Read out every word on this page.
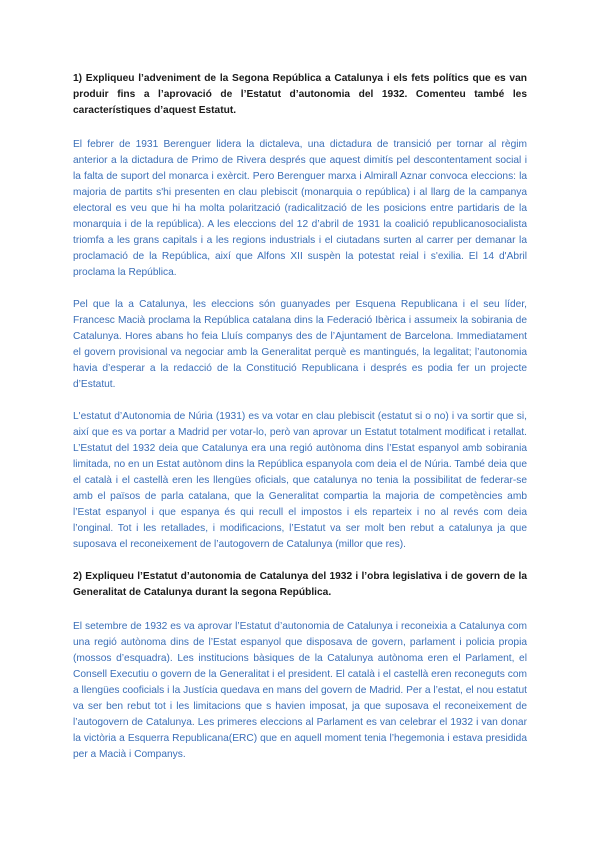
1) Expliqueu l’adveniment de la Segona República a Catalunya i els fets polítics que es van produir fins a l’aprovació de l’Estatut d’autonomia del 1932. Comenteu també les característiques d’aquest Estatut.

El febrer de 1931 Berenguer lidera la dictaleva, una dictadura de transició per tornar al règim anterior a la dictadura de Primo de Rivera després que aquest dimitís pel descontentament social i la falta de suport del monarca i exèrcit. Pero Berenguer marxa i Almirall Aznar convoca eleccions: la majoria de partits s'hi presenten en clau plebiscit (monarquia o república) i al llarg de la campanya electoral es veu que hi ha molta polarització (radicalització de les posicions entre partidaris de la monarquia i de la república). A les eleccions del 12 d’abril de 1931 la coalició republicanosocialista triomfa a les grans capitals i a les regions industrials i el ciutadans surten al carrer per demanar la proclamació de la República, així que Alfons XII suspèn la potestat reial i s'exilia. El 14 d'Abril proclama la República.

Pel que la a Catalunya, les eleccions són guanyades per Esquena Republicana i el seu líder, Francesc Macià proclama la República catalana dins la Federació Ibèrica i assumeix la sobirania de Catalunya. Hores abans ho feia Lluís companys des de l’Ajuntament de Barcelona. Immediatament el govern provisional va negociar amb la Generalitat perquè es mantingués, la legalitat; l’autonomia havia d’esperar a la redacció de la Constitució Republicana i després es podia fer un projecte d’Estatut.

L'estatut d’Autonomia de Núria (1931) es va votar en clau plebiscit (estatut si o no) i va sortir que si, així que es va portar a Madrid per votar-lo, però van aprovar un Estatut totalment modificat i retallat. L’Estatut del 1932 deia que Catalunya era una regió autònoma dins l’Estat espanyol amb sobirania limitada, no en un Estat autònom dins la República espanyola com deia el de Núria. També deia que el català i el castellà eren les llengües oficials, que catalunya no tenia la possibilitat de federar-se amb el països de parla catalana, que la Generalitat compartia la majoria de competències amb l’Estat espanyol i que espanya és qui recull el impostos i els reparteix i no al revés com deia l’onginal. Tot i les retallades, i modificacions, l’Estatut va ser molt ben rebut a catalunya ja que suposava el reconeixement de l’autogovern de Catalunya (millor que res).

2) Expliqueu l’Estatut d’autonomia de Catalunya del 1932 i l’obra legislativa i de govern de la Generalitat de Catalunya durant la segona República.

El setembre de 1932 es va aprovar l’Estatut d’autonomia de Catalunya i reconeixia a Catalunya com una regió autònoma dins de l’Estat espanyol que disposava de govern, parlament i policia propia (mossos d’esquadra). Les institucions bàsiques de la Catalunya autònoma eren el Parlament, el Consell Executiu o govern de la Generalitat i el president. El català i el castellà eren reconeguts com a llengües cooficials i la Justícia quedava en mans del govern de Madrid. Per a l’estat, el nou estatut va ser ben rebut tot i les limitacions que s havien imposat, ja que suposava el reconeixement de l’autogovern de Catalunya. Les primeres eleccions al Parlament es van celebrar el 1932 i van donar la victòria a Esquerra Republicana(ERC) que en aquell moment tenia l’hegemonia i estava presidida per a Macià i Companys.
